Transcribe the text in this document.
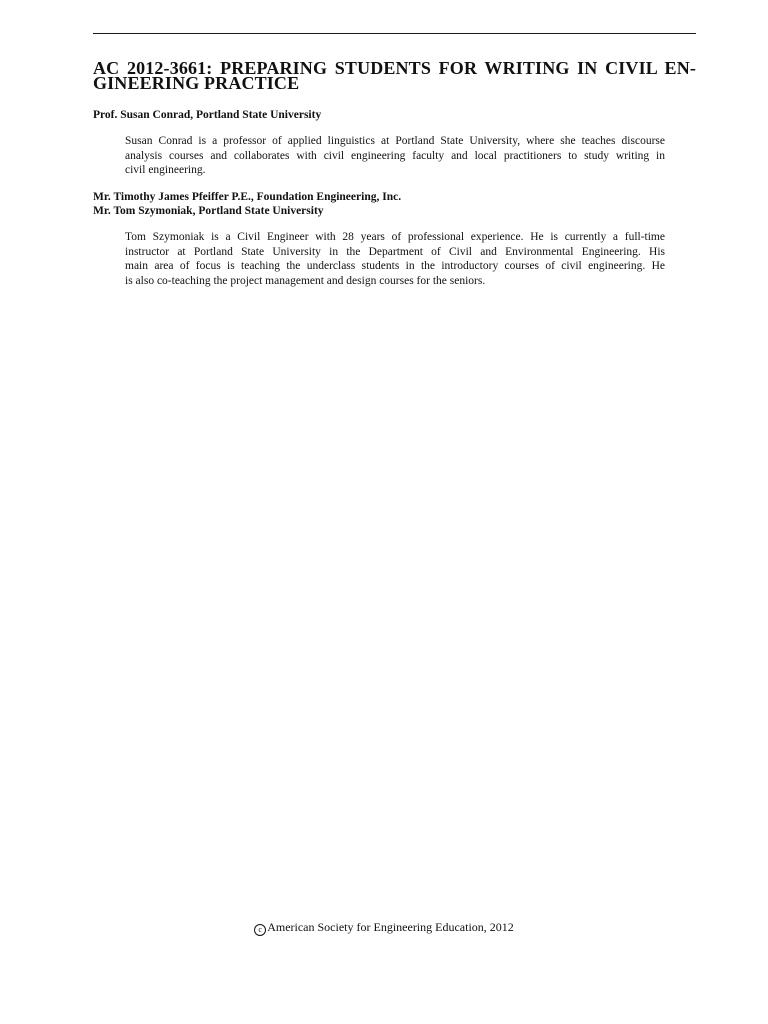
AC 2012-3661: PREPARING STUDENTS FOR WRITING IN CIVIL EN-
GINEERING PRACTICE

Prof. Susan Conrad, Portland State University

Susan Conrad is a professor of applied linguistics at Portland State University, where she teaches discourse
analysis courses and collaborates with civil engineering faculty and local practitioners to study writing in
civil engineering.

Mr. Timothy James Pfeiffer P.E., Foundation Engineering, Inc.

Mr. Tom Szymoniak, Portland State University

Tom Szymoniak is a Civil Engineer with 28 years of professional experience. He is currently a full-time
instructor at Portland State University in the Department of Civil and Environmental Engineering. His
main area of focus is teaching the underclass students in the introductory courses of civil engineering. He
is also co-teaching the project management and design courses for the seniors.
c American Society for Engineering Education, 2012
